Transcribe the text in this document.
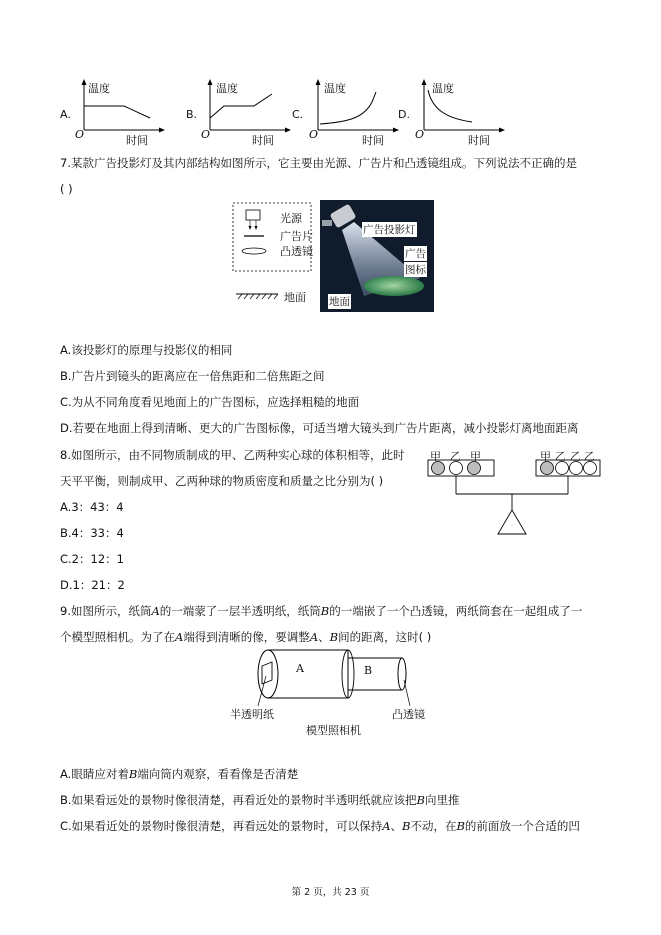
A.
温度
时间
O
B.
温度
时间
O
C.
温度
时间
O
D.
温度
时间
O
7.某款广告投影灯及其内部结构如图所示，它主要由光源、广告片和凸透镜组成。下列说法不正确的是
( )
光源
广告片
凸透镜
地面
广告投影灯
广告
图标
地面
A.该投影灯的原理与投影仪的相同
B.广告片到镜头的距离应在一倍焦距和二倍焦距之间
C.为从不同角度看见地面上的广告图标，应选择粗糙的地面
D.若要在地面上得到清晰、更大的广告图标像，可适当增大镜头到广告片距离，减小投影灯离地面距离
8.如图所示，由不同物质制成的甲、乙两种实心球的体积相等，此时
天平平衡，则制成甲、乙两种球的物质密度和质量之比分别为( )
甲 乙 甲	甲 乙 乙 乙
A.3：43：4
B.4：33：4
C.2：12：1
D.1：21：2
9.如图所示，纸筒A的一端蒙了一层半透明纸，纸筒B的一端嵌了一个凸透镜，两纸筒套在一起组成了一
个模型照相机。为了在A端得到清晰的像，要调整A、B间的距离，这时( )
A	B
半透明纸	凸透镜
模型照相机
A.眼睛应对着B端向筒内观察，看看像是否清楚
B.如果看远处的景物时像很清楚，再看近处的景物时半透明纸就应该把B向里推
C.如果看近处的景物时像很清楚，再看远处的景物时，可以保持A、B不动，在B的前面放一个合适的凹
第 2 页，共 23 页
